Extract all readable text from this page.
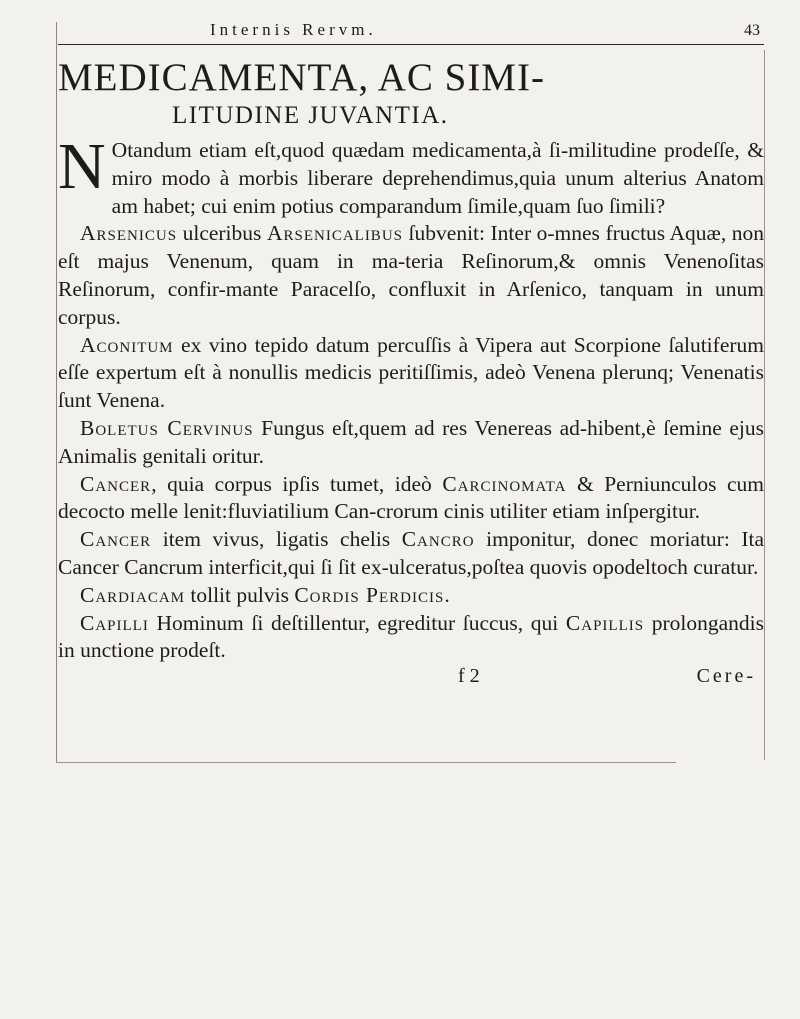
Internis Rervm.	43
MEDICAMENTA, AC SIMI-
LITUDINE JUVANTIA.

NOtandum etiam eſt,quod quædam medicamenta,à ſi-militudine prodeſſe, & miro modo à morbis liberare deprehendimus,quia unum alterius Anatom am habet; cui enim potius comparandum ſimile,quam ſuo ſimili?

Arsenicus ulceribus Arsenicalibus ſubvenit: Inter o-mnes fructus Aquæ, non eſt majus Venenum, quam in ma-teria Reſinorum,& omnis Venenoſitas Reſinorum, confir-mante Paracelſo, confluxit in Arſenico, tanquam in unum corpus.

Aconitum ex vino tepido datum percuſſis à Vipera aut Scorpione ſalutiferum eſſe expertum eſt à nonullis medicis peritiſſimis, adeò Venena plerunq; Venenatis ſunt Venena.

Boletus Cervinus Fungus eſt,quem ad res Venereas ad-hibent,è ſemine ejus Animalis genitali oritur.

Cancer, quia corpus ipſis tumet, ideò Carcinomata & Perniunculos cum decocto melle lenit:fluviatilium Can-crorum cinis utiliter etiam inſpergitur.

Cancer item vivus, ligatis chelis Cancro imponitur, donec moriatur: Ita Cancer Cancrum interficit,qui ſi ſit ex-ulceratus,poſtea quovis opodeltoch curatur.

Cardiacam tollit pulvis Cordis Perdicis.

Capilli Hominum ſi deſtillentur, egreditur ſuccus, qui Capillis prolongandis in unctione prodeſt.

f 2	Cere-
